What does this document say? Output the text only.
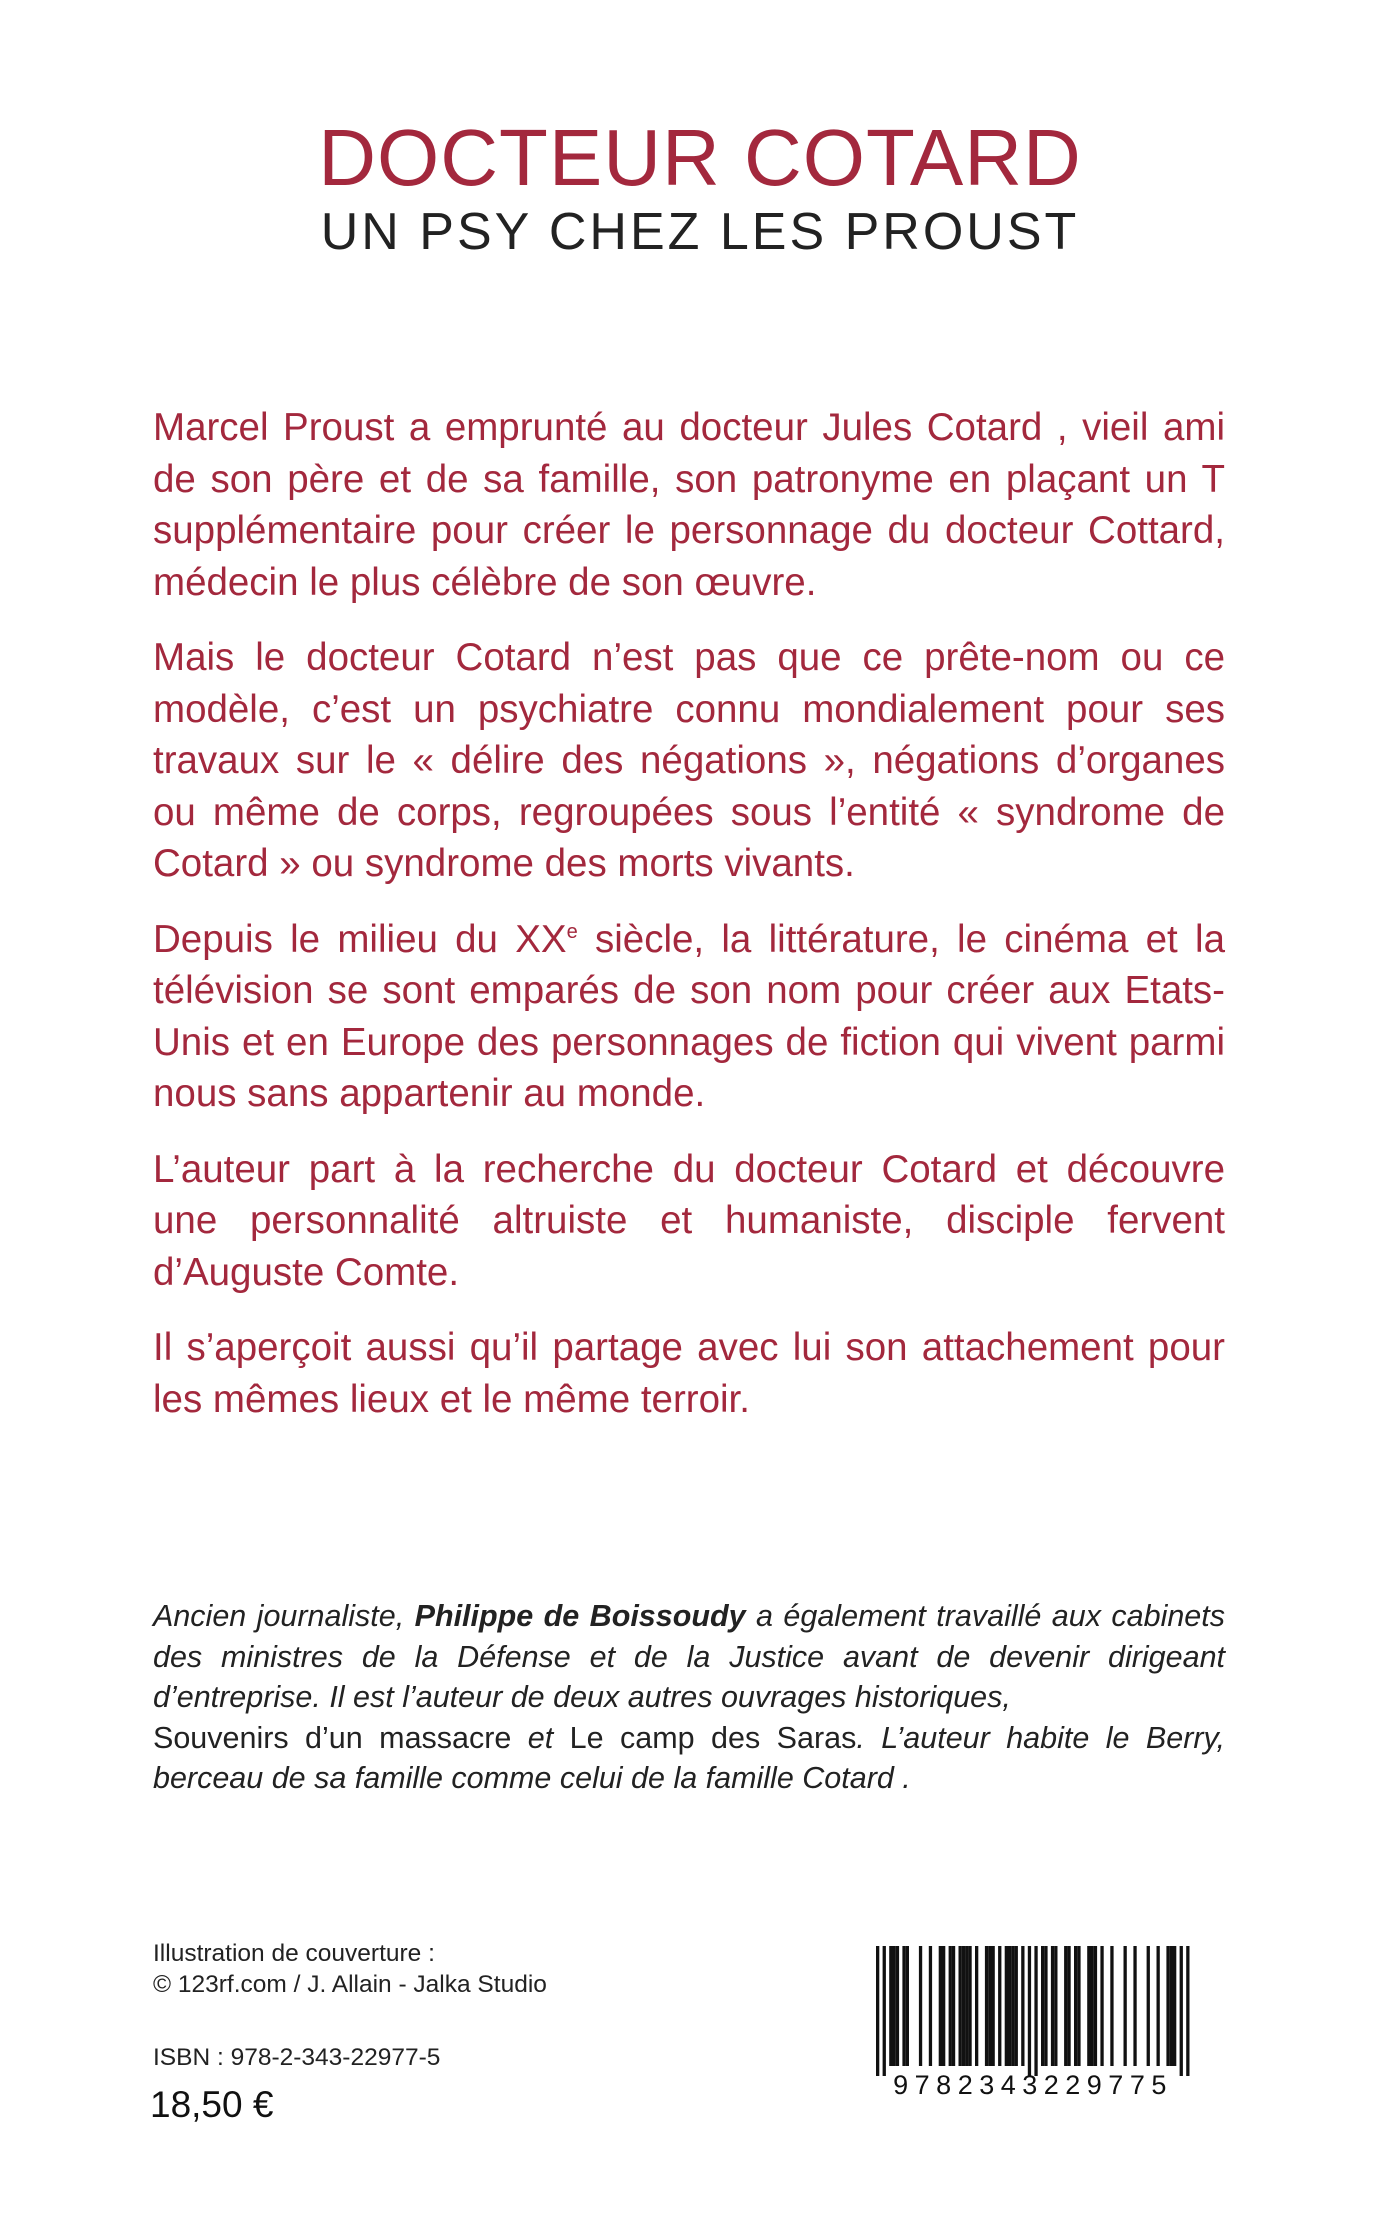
DOCTEUR COTARD
UN PSY CHEZ LES PROUST

Marcel Proust a emprunté au docteur Jules Cotard , vieil ami de son père et de sa famille, son patronyme en plaçant un T supplémentaire pour créer le personnage du docteur Cottard, médecin le plus célèbre de son œuvre.

Mais le docteur Cotard n’est pas que ce prête-nom ou ce modèle, c’est un psychiatre connu mondialement pour ses travaux sur le « délire des négations », négations d’organes ou même de corps, regroupées sous l’entité « syndrome de Cotard » ou syndrome des morts vivants.

Depuis le milieu du XXe siècle, la littérature, le cinéma et la télévision se sont emparés de son nom pour créer aux Etats-Unis et en Europe des personnages de fiction qui vivent parmi nous sans appartenir au monde.

L’auteur part à la recherche du docteur Cotard et découvre une personnalité altruiste et humaniste, disciple fervent d’Auguste Comte.

Il s’aperçoit aussi qu’il partage avec lui son attachement pour les mêmes lieux et le même terroir.

Ancien journaliste, Philippe de Boissoudy a également travaillé aux cabinets des ministres de la Défense et de la Justice avant de devenir dirigeant d’entreprise. Il est l’auteur de deux autres ouvrages historiques,
Souvenirs d’un massacre et Le camp des Saras. L’auteur habite le Berry, berceau de sa famille comme celui de la famille Cotard .
Illustration de couverture :
© 123rf.com / J. Allain - Jalka Studio
ISBN : 978-2-343-22977-5
18,50 €	9782343229775
